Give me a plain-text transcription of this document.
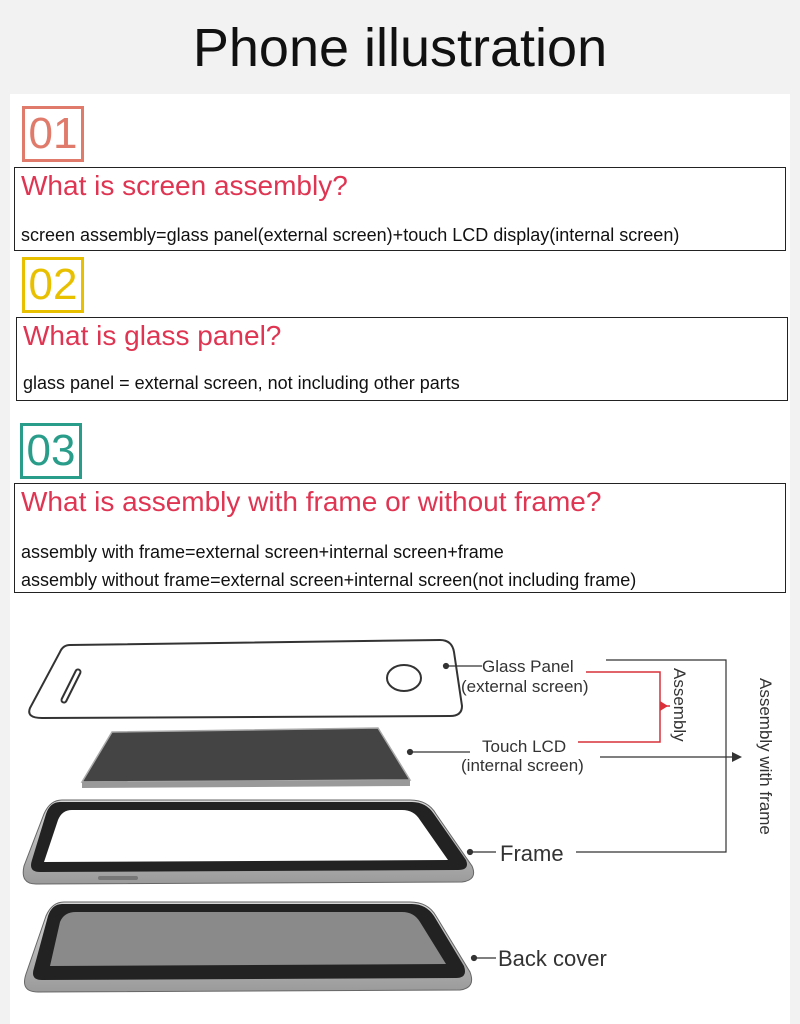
Phone illustration
01
What is screen assembly?
screen assembly=glass panel(external screen)+touch LCD display(internal screen)
02
What is glass panel?
glass panel = external screen, not including other parts
03
What is assembly with frame or without frame?
assembly with frame=external screen+internal screen+frame
assembly without frame=external screen+internal screen(not including frame)
Glass Panel
(external screen)
Touch LCD
(internal screen)
Frame
Back cover
Assembly	Assembly with frame
